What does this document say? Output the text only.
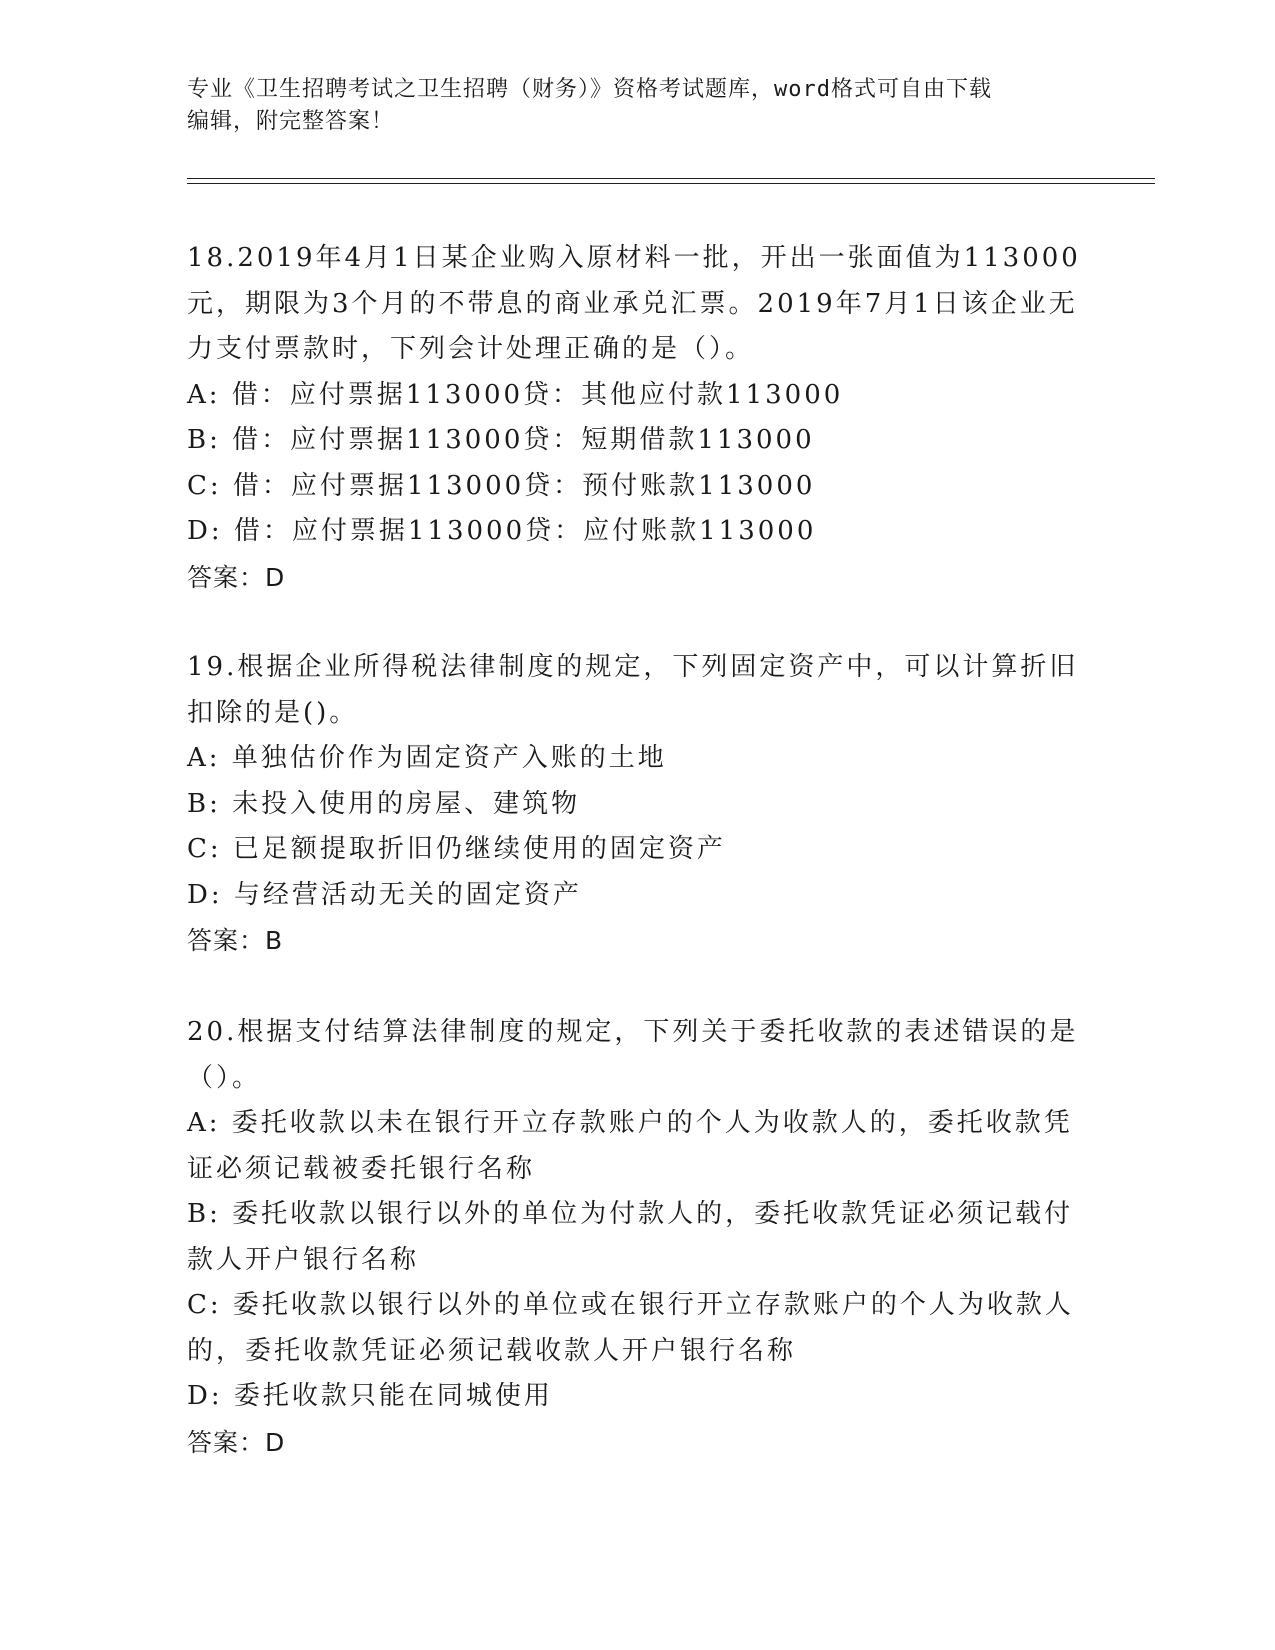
专业《卫生招聘考试之卫生招聘（财务）》资格考试题库，word格式可自由下载

编辑，附完整答案！

18.2019年4月1日某企业购入原材料一批，开出一张面值为113000元，期限为3个月的不带息的商业承兑汇票。2019年7月1日该企业无力支付票款时，下列会计处理正确的是（）。

A: 借：应付票据113000贷：其他应付款113000

B: 借：应付票据113000贷：短期借款113000

C: 借：应付票据113000贷：预付账款113000

D: 借：应付票据113000贷：应付账款113000

答案：D

19.根据企业所得税法律制度的规定，下列固定资产中，可以计算折旧扣除的是()。

A: 单独估价作为固定资产入账的土地

B: 未投入使用的房屋、建筑物

C: 已足额提取折旧仍继续使用的固定资产

D: 与经营活动无关的固定资产

答案：B

20.根据支付结算法律制度的规定，下列关于委托收款的表述错误的是（）。

A: 委托收款以未在银行开立存款账户的个人为收款人的，委托收款凭证必须记载被委托银行名称

B: 委托收款以银行以外的单位为付款人的，委托收款凭证必须记载付款人开户银行名称

C: 委托收款以银行以外的单位或在银行开立存款账户的个人为收款人的，委托收款凭证必须记载收款人开户银行名称

D: 委托收款只能在同城使用

答案：D
